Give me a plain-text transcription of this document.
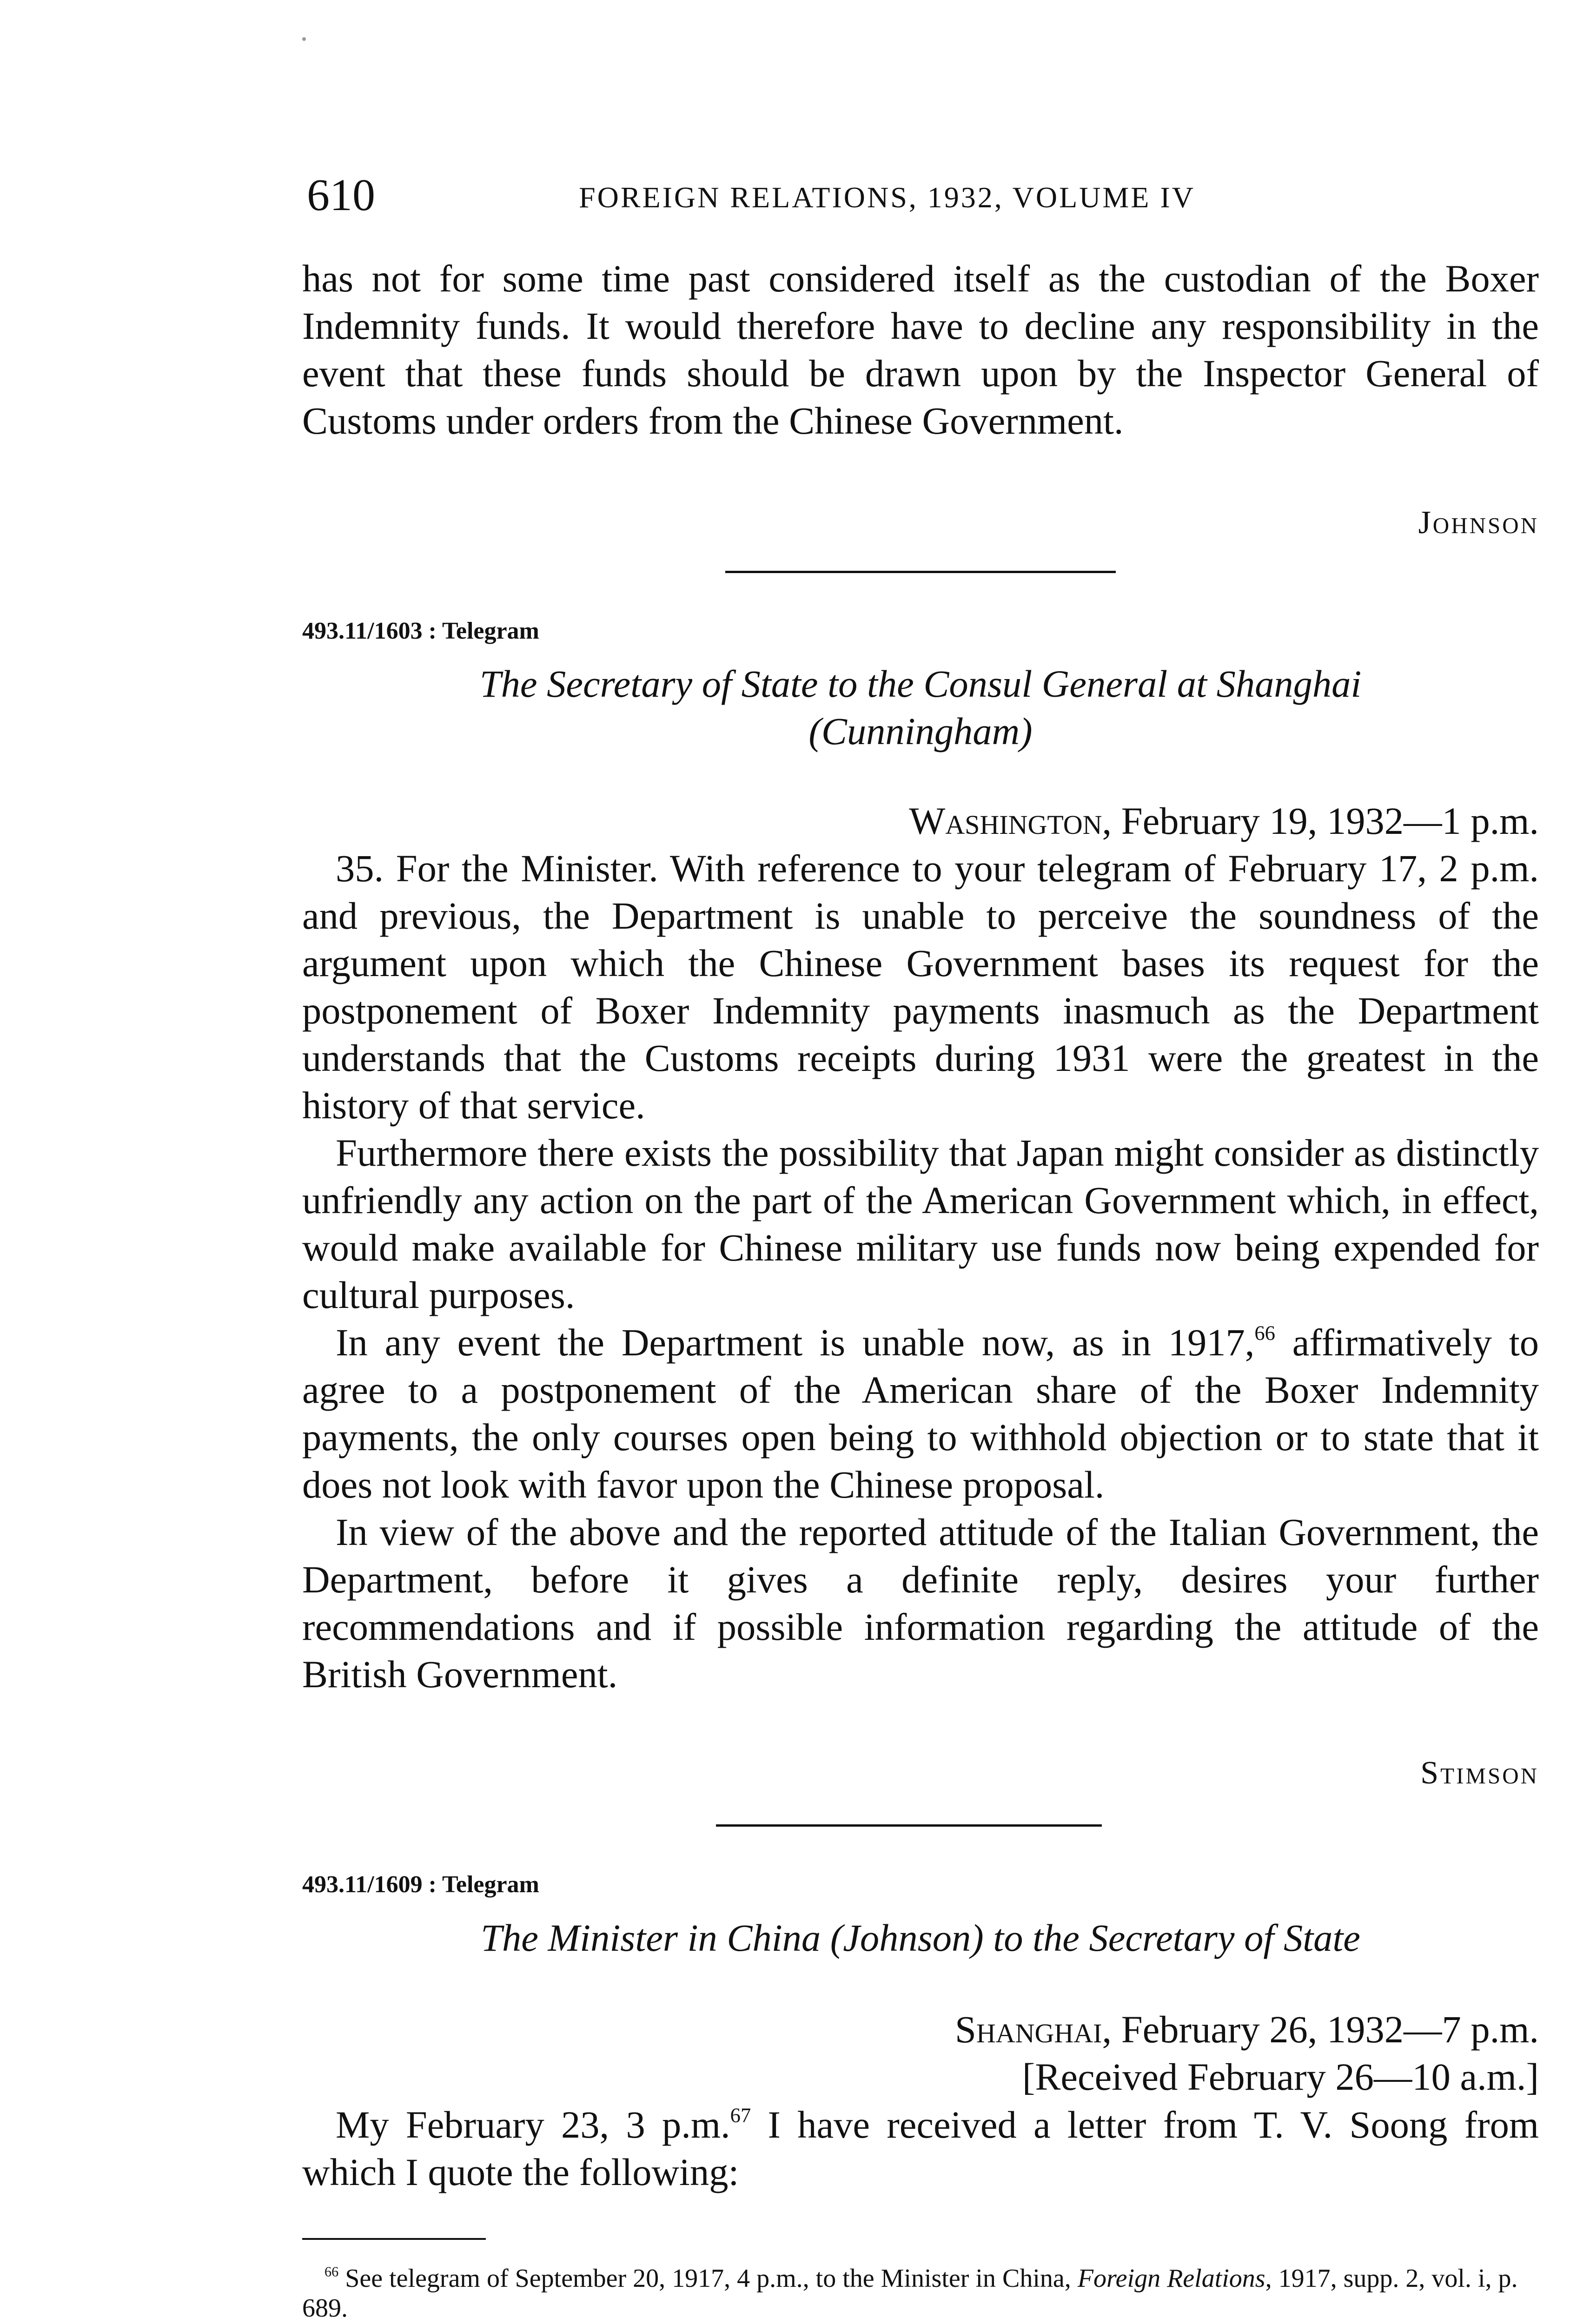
610	FOREIGN RELATIONS, 1932, VOLUME IV

has not for some time past considered itself as the custodian of the Boxer Indemnity funds. It would therefore have to decline any responsibility in the event that these funds should be drawn upon by the Inspector General of Customs under orders from the Chinese Government.

Johnson
493.11/1603 : Telegram
The Secretary of State to the Consul General at Shanghai
(Cunningham)
Washington, February 19, 1932—1 p.m.

35. For the Minister. With reference to your telegram of February 17, 2 p.m. and previous, the Department is unable to perceive the soundness of the argument upon which the Chinese Government bases its request for the postponement of Boxer Indemnity payments inasmuch as the Department understands that the Customs receipts during 1931 were the greatest in the history of that service.

Furthermore there exists the possibility that Japan might consider as distinctly unfriendly any action on the part of the American Government which, in effect, would make available for Chinese military use funds now being expended for cultural purposes.

In any event the Department is unable now, as in 1917,66 affirmatively to agree to a postponement of the American share of the Boxer Indemnity payments, the only courses open being to withhold objection or to state that it does not look with favor upon the Chinese proposal.

In view of the above and the reported attitude of the Italian Government, the Department, before it gives a definite reply, desires your further recommendations and if possible information regarding the attitude of the British Government.

Stimson
493.11/1609 : Telegram
The Minister in China (Johnson) to the Secretary of State
Shanghai, February 26, 1932—7 p.m.
[Received February 26—10 a.m.]

My February 23, 3 p.m.$^{67}$ I have received a letter from T. V. Soong from which I quote the following:

$^{66}$ See telegram of September 20, 1917, 4 p.m., to the Minister in China, Foreign Relations, 1917, supp. 2, vol. i, p. 689.
